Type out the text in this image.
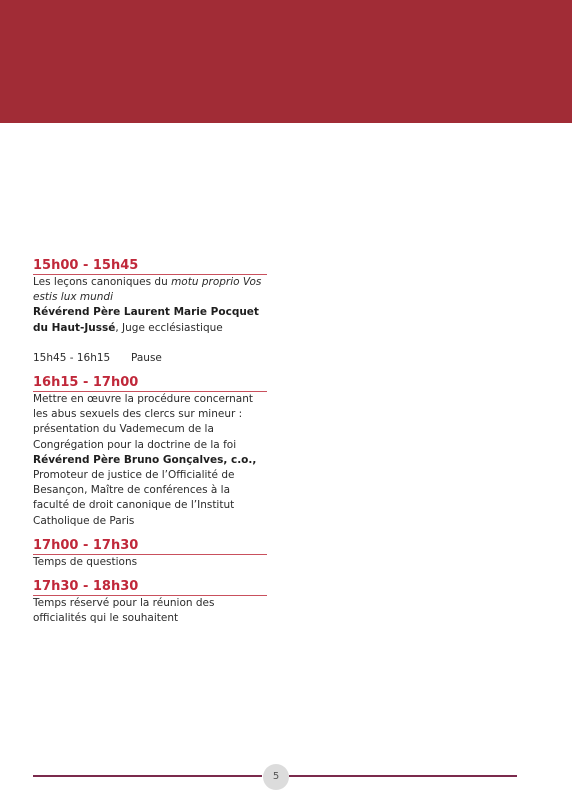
15h00 - 15h45
Les leçons canoniques du motu proprio Vos estis lux mundi
Révérend Père Laurent Marie Pocquet du Haut-Jussé, Juge ecclésiastique
15h45 - 16h15	Pause
16h15 - 17h00
Mettre en œuvre la procédure concernant les abus sexuels des clercs sur mineur : présentation du Vademecum de la Congrégation pour la doctrine de la foi
Révérend Père Bruno Gonçalves, c.o.,
Promoteur de justice de l’Officialité de Besançon, Maître de conférences à la faculté de droit canonique de l’Institut Catholique de Paris
17h00 - 17h30
Temps de questions
17h30 - 18h30
Temps réservé pour la réunion des officialités qui le souhaitent
5
